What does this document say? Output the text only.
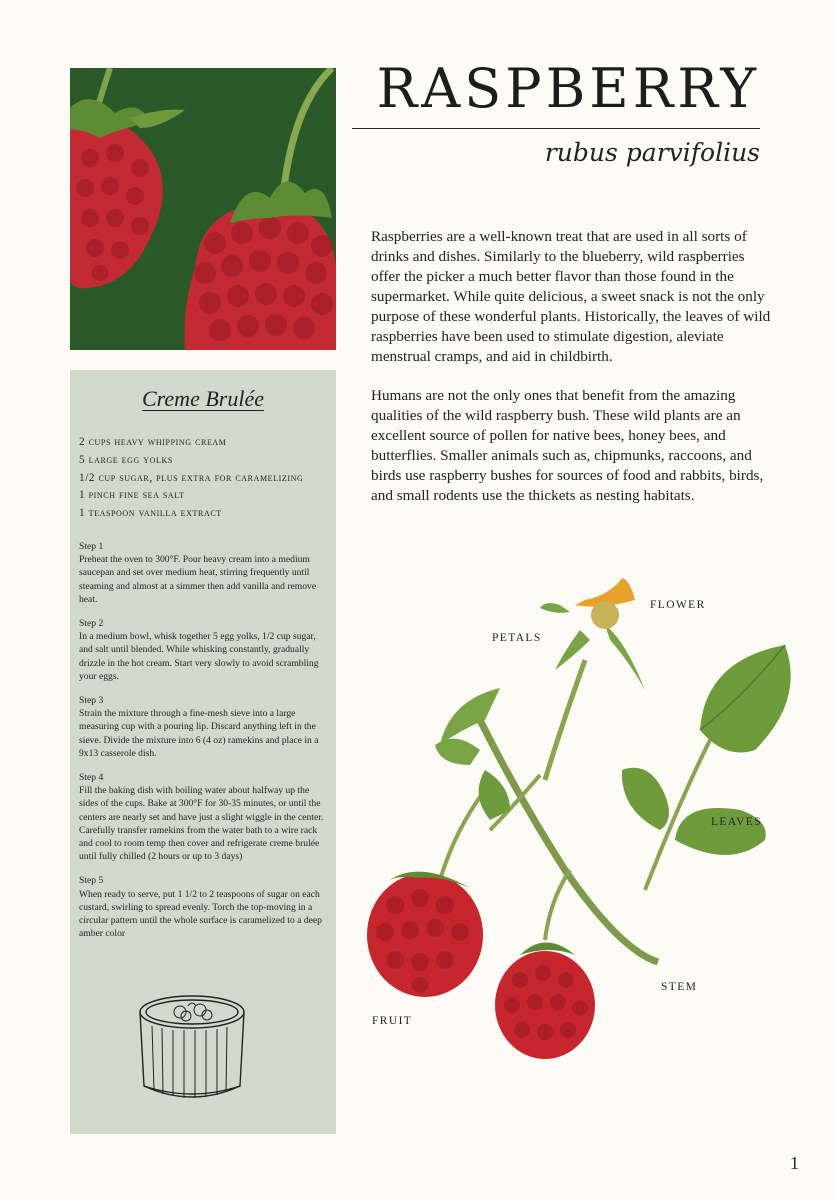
RASPBERRY
rubus parvifolius
Raspberries are a well-known treat that are used in all sorts of drinks and dishes. Similarly to the blueberry, wild raspberries offer the picker a much better flavor than those found in the supermarket. While quite delicious, a sweet snack is not the only purpose of these wonderful plants. Historically, the leaves of wild raspberries have been used to stimulate digestion, aleviate menstrual cramps, and aid in childbirth.
Humans are not the only ones that benefit from the amazing qualities of the wild raspberry bush. These wild plants are an excellent source of pollen for native bees, honey bees, and butterflies. Smaller animals such as, chipmunks, raccoons, and birds use raspberry bushes for sources of food and rabbits, birds, and small rodents use the thickets as nesting habitats.
Creme Brulée
2 cups heavy whipping cream
5 large egg yolks
1/2 cup sugar, plus extra for caramelizing
1 pinch fine sea salt
1 teaspoon vanilla extract
Step 1
Preheat the oven to 300°F. Pour heavy cream into a medium saucepan and set over medium heat, stirring frequently until steaming and almost at a simmer then add vanilla and remove heat.
Step 2
In a medium bowl, whisk together 5 egg yolks, 1/2 cup sugar, and salt until blended. While whisking constantly, gradually drizzle in the hot cream. Start very slowly to avoid scrambling your eggs.
Step 3
Strain the mixture through a fine-mesh sieve into a large measuring cup with a pouring lip. Discard anything left in the sieve. Divide the mixture into 6 (4 oz) ramekins and place in a 9x13 casserole dish.
Step 4
Fill the baking dish with boiling water about halfway up the sides of the cups. Bake at 300°F for 30-35 minutes, or until the centers are nearly set and have just a slight wiggle in the center. Carefully transfer ramekins from the water bath to a wire rack and cool to room temp then cover and refrigerate creme brulée until fully chilled (2 hours or up to 3 days)
Step 5
When ready to serve, put 1 1/2 to 2 teaspoons of sugar on each custard, swirling to spread evenly. Torch the top-moving in a circular pattern until the whole surface is caramelized to a deep amber color
FLOWER
PETALS
LEAVES
STEM
FRUIT
1
